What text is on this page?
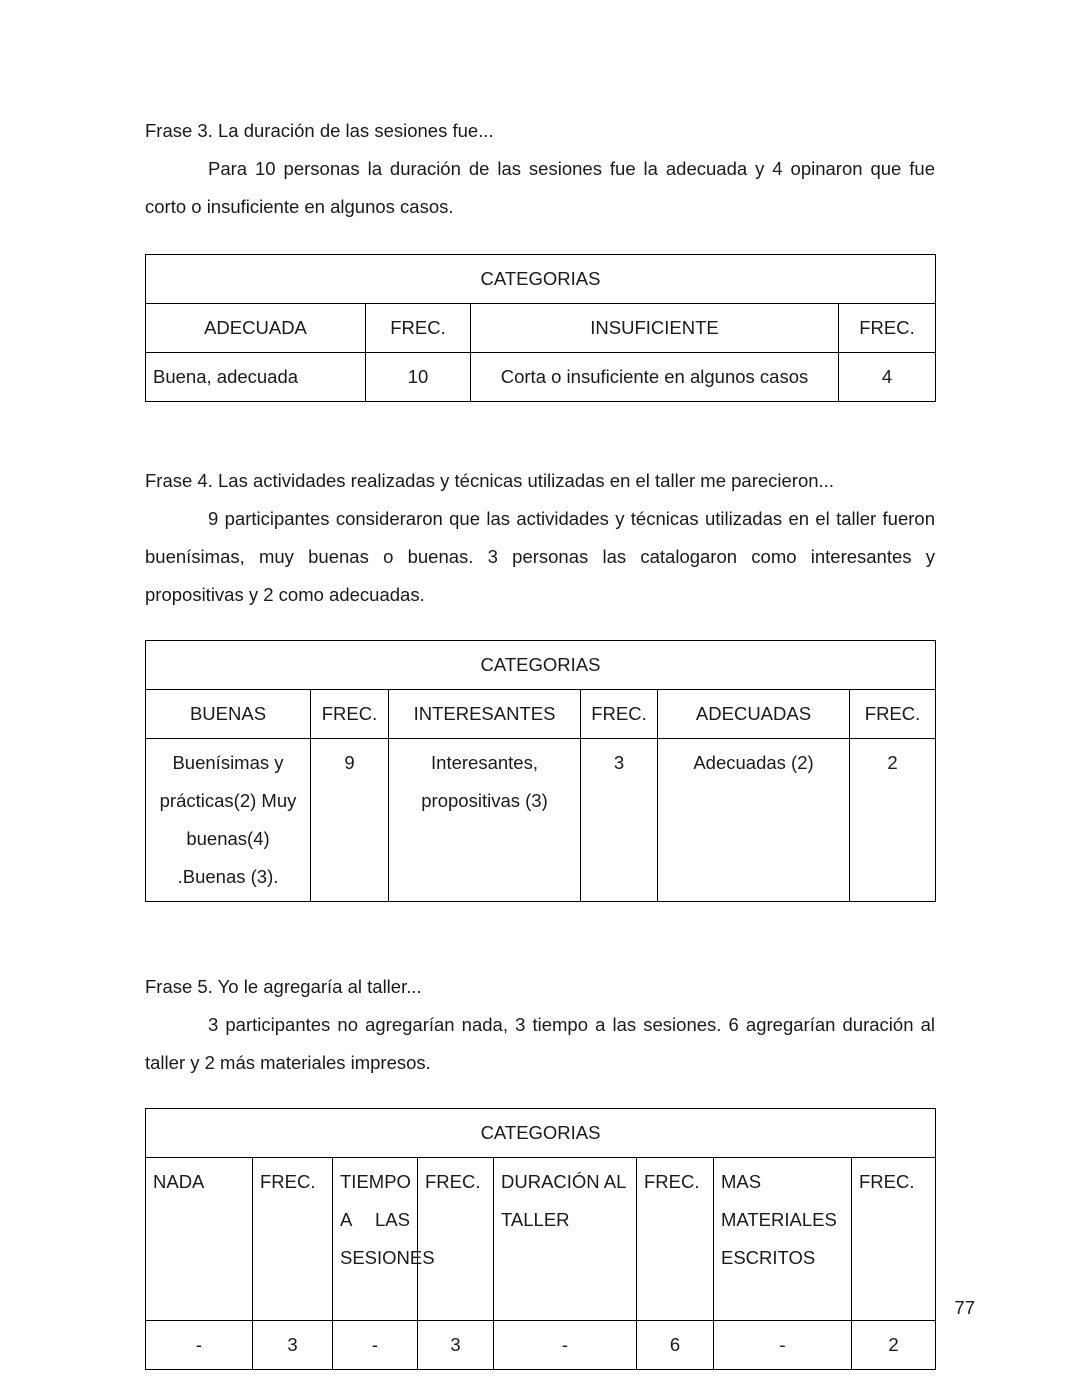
Frase 3. La duración de las sesiones fue...

Para 10 personas la duración de las sesiones fue la adecuada y 4 opinaron que fue corto o insuficiente en algunos casos.

CATEGORIAS			
ADECUADA	FREC.	INSUFICIENTE	FREC.
Buena, adecuada	10	Corta o insuficiente en algunos casos	4

Frase 4. Las actividades realizadas y técnicas utilizadas en el taller me parecieron...

9 participantes consideraron que las actividades y técnicas utilizadas en el taller fueron buenísimas, muy buenas o buenas. 3 personas las catalogaron como interesantes y propositivas y 2 como adecuadas.

CATEGORIAS					
BUENAS	FREC.	INTERESANTES	FREC.	ADECUADAS	FREC.
Buenísimas y prácticas(2) Muy buenas(4) .Buenas (3).	9	Interesantes, propositivas (3)	3	Adecuadas (2)	2

Frase 5. Yo le agregaría al taller...

3 participantes no agregarían nada, 3 tiempo a las sesiones. 6 agregarían duración al taller y 2 más materiales impresos.

CATEGORIAS							
NADA	FREC.	TIEMPO A LAS SESIONES	FREC.	DURACIÓN AL TALLER	FREC.	MAS MATERIALES ESCRITOS	FREC.
-	3	-	3	-	6	-	2
77
